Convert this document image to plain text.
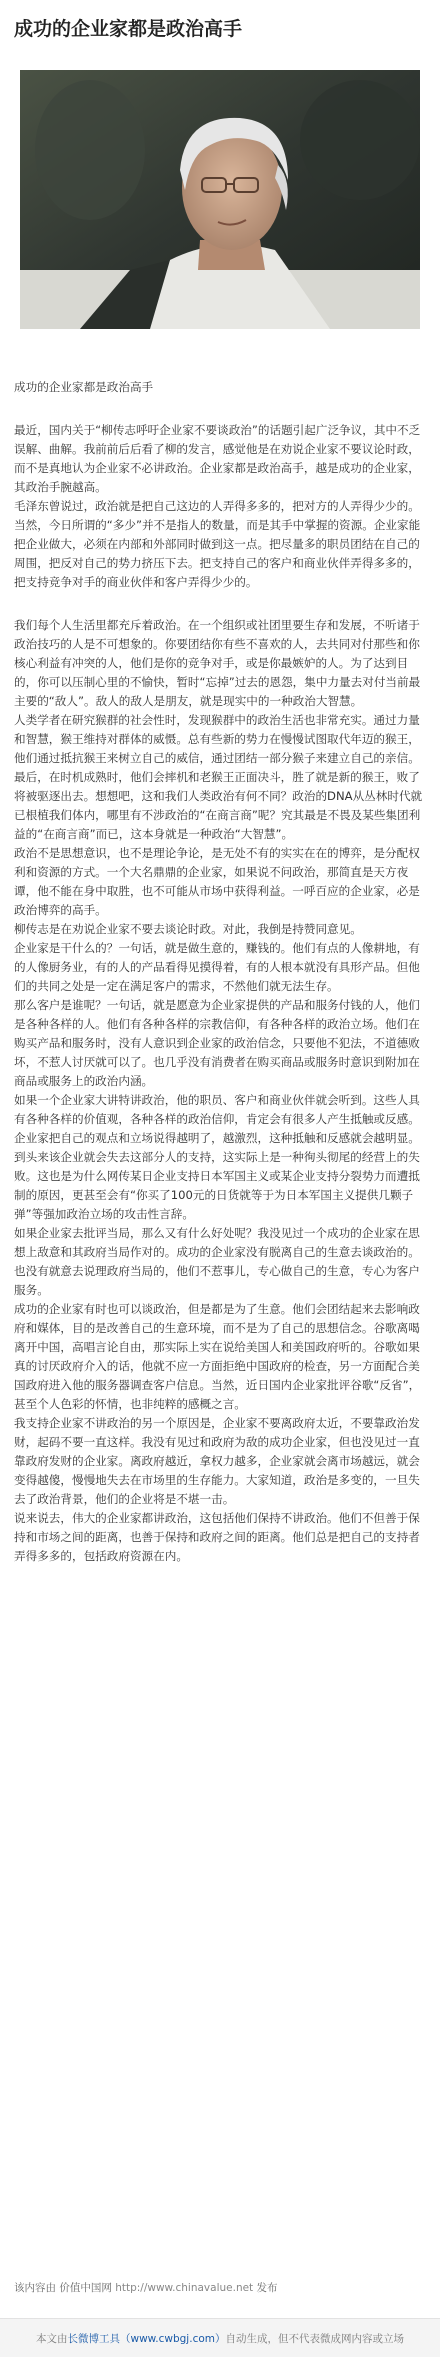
成功的企业家都是政治高手

成功的企业家都是政治高手

最近，国内关于“柳传志呼吁企业家不要谈政治”的话题引起广泛争议，其中不乏误解、曲解。我前前后后看了柳的发言，感觉他是在劝说企业家不要议论时政，而不是真地认为企业家不必讲政治。企业家都是政治高手，越是成功的企业家，其政治手腕越高。

毛泽东曾说过，政治就是把自己这边的人弄得多多的，把对方的人弄得少少的。当然，今日所谓的“多少”并不是指人的数量，而是其手中掌握的资源。企业家能把企业做大，必须在内部和外部同时做到这一点。把尽量多的职员团结在自己的周围，把反对自己的势力挤压下去。把支持自己的客户和商业伙伴弄得多多的，把支持竞争对手的商业伙伴和客户弄得少少的。

我们每个人生活里都充斥着政治。在一个组织或社团里要生存和发展，不听诸于政治技巧的人是不可想象的。你要团结你有些不喜欢的人，去共同对付那些和你核心利益有冲突的人，他们是你的竞争对手，或是你最嫉妒的人。为了达到目的，你可以压制心里的不愉快，暂时“忘掉”过去的恩怨，集中力量去对付当前最主要的“敌人”。敌人的敌人是朋友，就是现实中的一种政治大智慧。

人类学者在研究猴群的社会性时，发现猴群中的政治生活也非常充实。通过力量和智慧，猴王维持对群体的威慑。总有些新的势力在慢慢试图取代年迈的猴王，他们通过抵抗猴王来树立自己的威信，通过团结一部分猴子来建立自己的亲信。最后，在时机成熟时，他们会摔机和老猴王正面决斗，胜了就是新的猴王，败了将被驱逐出去。想想吧，这和我们人类政治有何不同？政治的DNA从丛林时代就已根植我们体内，哪里有不涉政治的“在商言商”呢？究其最是不畏及某些集团利益的“在商言商”而已，这本身就是一种政治“大智慧”。

政治不是思想意识，也不是理论争论，是无处不有的实实在在的博弈，是分配权利和资源的方式。一个大名鼎鼎的企业家，如果说不问政治，那简直是天方夜谭，他不能在身中取胜，也不可能从市场中获得利益。一呼百应的企业家，必是政治博弈的高手。

柳传志是在劝说企业家不要去谈论时政。对此，我倒是持赞同意见。

企业家是干什么的？一句话，就是做生意的，赚钱的。他们有点的人像耕地，有的人像厨务业，有的人的产品看得见摸得着，有的人根本就没有具形产品。但他们的共同之处是一定在满足客户的需求，不然他们就无法生存。

那么客户是谁呢？一句话，就是愿意为企业家提供的产品和服务付钱的人，他们是各种各样的人。他们有各种各样的宗教信仰，有各种各样的政治立场。他们在购买产品和服务时，没有人意识到企业家的政治信念，只要他不犯法，不道德败坏，不惹人讨厌就可以了。也几乎没有消费者在购买商品或服务时意识到附加在商品或服务上的政治内涵。

如果一个企业家大讲特讲政治，他的职员、客户和商业伙伴就会听到。这些人具有各种各样的价值观，各种各样的政治信仰，肯定会有很多人产生抵触或反感。企业家把自己的观点和立场说得越明了，越激烈，这种抵触和反感就会越明显。到头来该企业就会失去这部分人的支持，这实际上是一种徇头彻尾的经营上的失败。这也是为什么网传某日企业支持日本军国主义或某企业支持分裂势力而遭抵制的原因，更甚至会有“你买了100元的日货就等于为日本军国主义提供几颗子弹”等强加政治立场的攻击性言辞。

如果企业家去批评当局，那么又有什么好处呢？我没见过一个成功的企业家在思想上敌意和其政府当局作对的。成功的企业家没有脱离自己的生意去谈政治的。也没有就意去说理政府当局的，他们不惹事儿，专心做自己的生意，专心为客户服务。

成功的企业家有时也可以谈政治，但是都是为了生意。他们会团结起来去影响政府和媒体，目的是改善自己的生意环境，而不是为了自己的思想信念。谷歌离喝离开中国，高唱言论自由，那实际上实在说给美国人和美国政府听的。谷歌如果真的讨厌政府介入的话，他就不应一方面拒绝中国政府的检查，另一方面配合美国政府进入他的服务器调查客户信息。当然，近日国内企业家批评谷歌“反省”，甚至个人色彩的怀情，也非纯粹的感概之言。

我支持企业家不讲政治的另一个原因是，企业家不要离政府太近，不要靠政治发财，起码不要一直这样。我没有见过和政府为敌的成功企业家，但也没见过一直靠政府发财的企业家。离政府越近，拿权力越多，企业家就会离市场越远，就会变得越傻，慢慢地失去在市场里的生存能力。大家知道，政治是多变的，一旦失去了政治背景，他们的企业将是不堪一击。

说来说去，伟大的企业家都讲政治，这包括他们保持不讲政治。他们不但善于保持和市场之间的距离，也善于保持和政府之间的距离。他们总是把自己的支持者弄得多多的，包括政府资源在内。

该内容由 价值中国网 http://www.chinavalue.net 发布
本文由 长微博工具（www.cwbgj.com） 自动生成，但不代表微成网内容或立场
